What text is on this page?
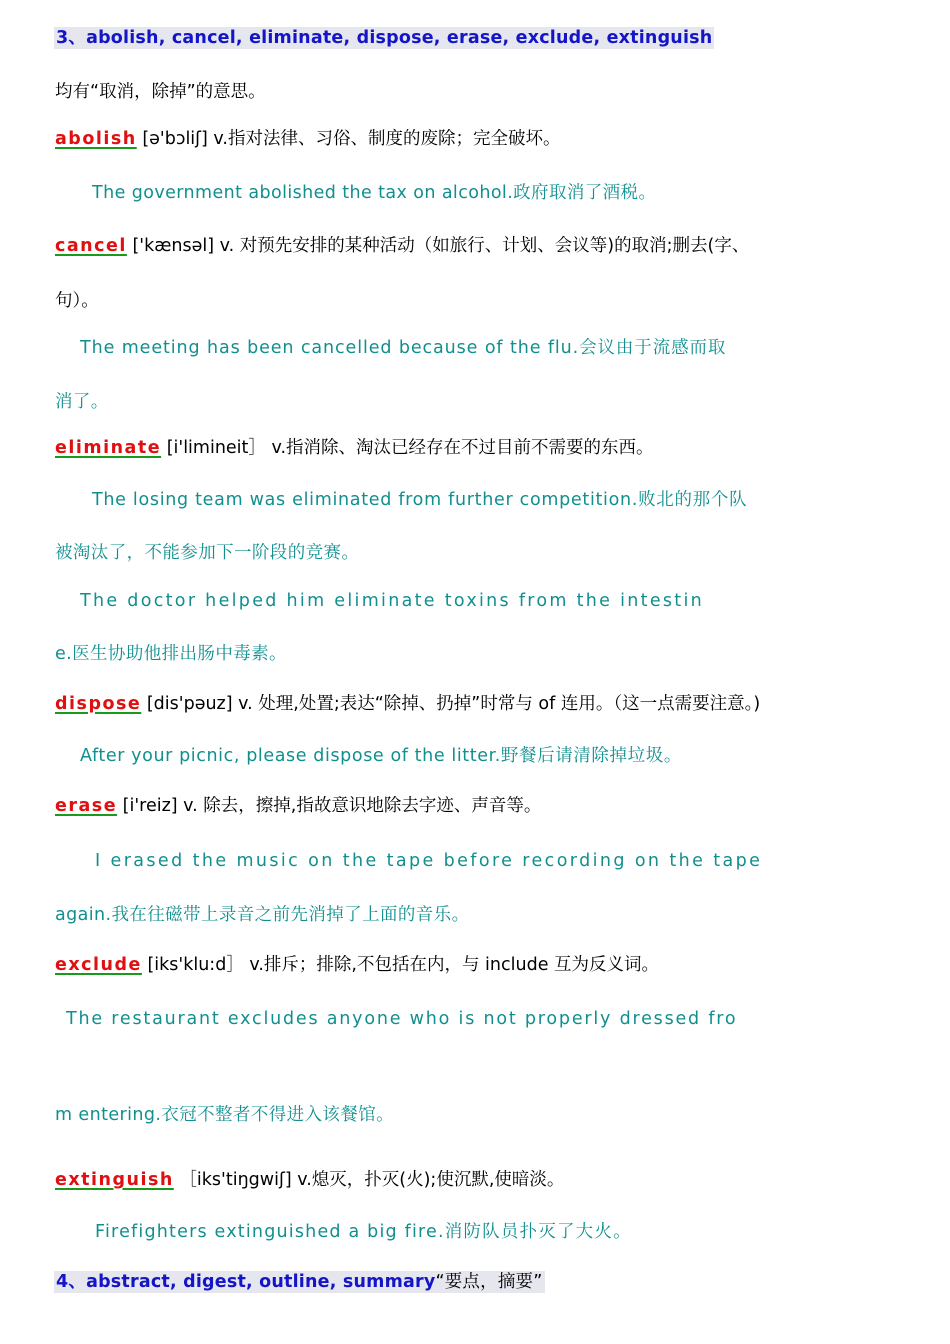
3、abolish, cancel, eliminate, dispose, erase, exclude, extinguish
均有“取消，除掉”的意思。
abolish [ə'bɔliʃ] v.指对法律、习俗、制度的废除；完全破坏。
The government abolished the tax on alcohol.政府取消了酒税。
cancel ['kænsəl] v. 对预先安排的某种活动（如旅行、计划、会议等)的取消;删去(字、
句）。
The meeting has been cancelled because of the flu.会议由于流感而取
消了。
eliminate [i'limineit］ v.指消除、淘汰已经存在不过目前不需要的东西。
The losing team was eliminated from further competition.败北的那个队
被淘汰了，不能参加下一阶段的竞赛。
The doctor helped him eliminate toxins from the intestin
e.医生协助他排出肠中毒素。
dispose [dis'pəuz] v. 处理,处置;表达“除掉、扔掉”时常与 of 连用。（这一点需要注意。)
After your picnic, please dispose of the litter.野餐后请清除掉垃圾。
erase [i'reiz] v. 除去，擦掉,指故意识地除去字迹、声音等。
I erased the music on the tape before recording on the tape
again.我在往磁带上录音之前先消掉了上面的音乐。
exclude [iks'klu:d］ v.排斥；排除,不包括在内，与 include 互为反义词。
The restaurant excludes anyone who is not properly dressed fro
m entering.衣冠不整者不得进入该餐馆。
extinguish ［iks'tiŋgwiʃ] v.熄灭，扑灭(火);使沉默,使暗淡。
Firefighters extinguished a big fire.消防队员扑灭了大火。
4、abstract, digest, outline, summary“要点，摘要”
